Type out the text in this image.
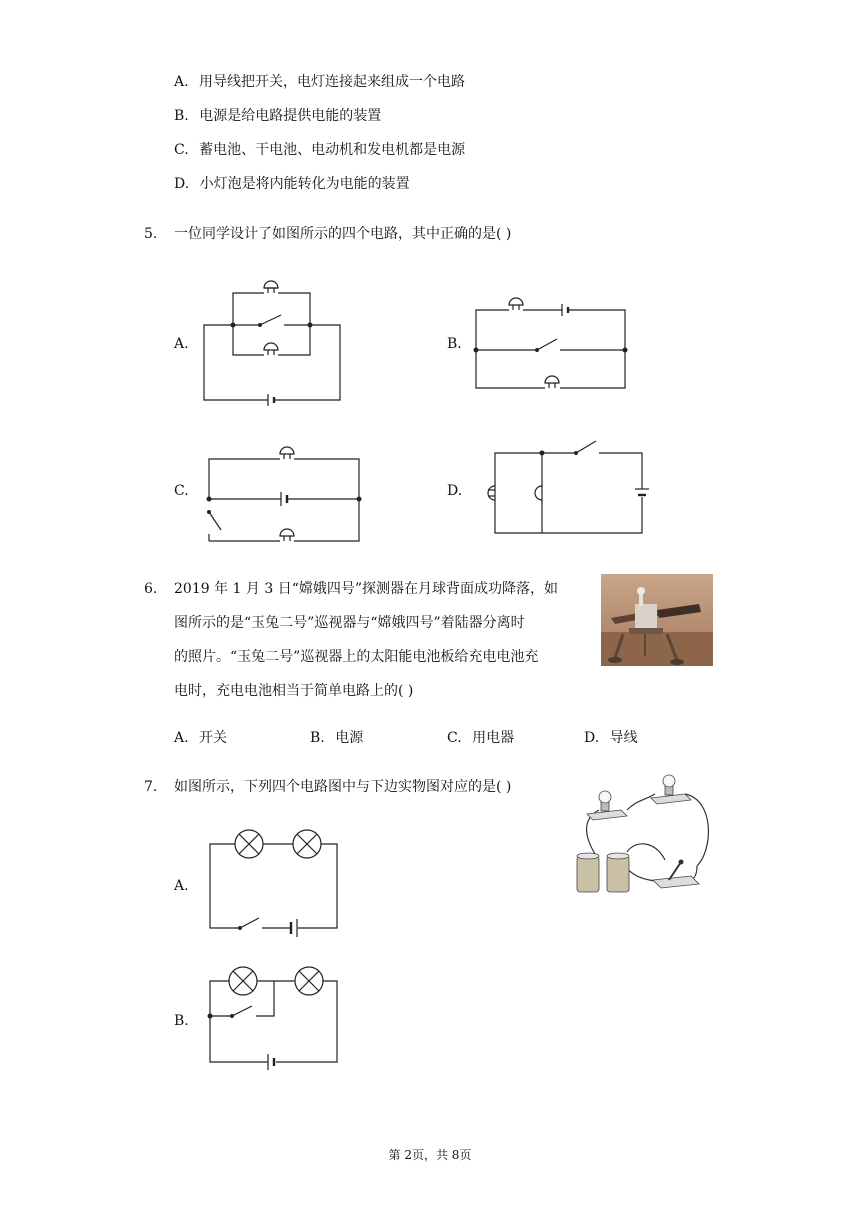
A. 用导线把开关，电灯连接起来组成一个电路
B. 电源是给电路提供电能的装置
C. 蓄电池、干电池、电动机和发电机都是电源
D. 小灯泡是将内能转化为电能的装置
5. 一位同学设计了如图所示的四个电路，其中正确的是( )
A.	B.
C.	D.
6. 2019 年 1 月 3 日“嫦娥四号”探测器在月球背面成功降落，如
图所示的是“玉兔二号”巡视器与“嫦娥四号”着陆器分离时
的照片。“玉兔二号”巡视器上的太阳能电池板给充电电池充
电时，充电电池相当于简单电路上的( )
A. 开关	B. 电源	C. 用电器	D. 导线
7. 如图所示，下列四个电路图中与下边实物图对应的是( )
A.
B.
第 2页，共 8页
